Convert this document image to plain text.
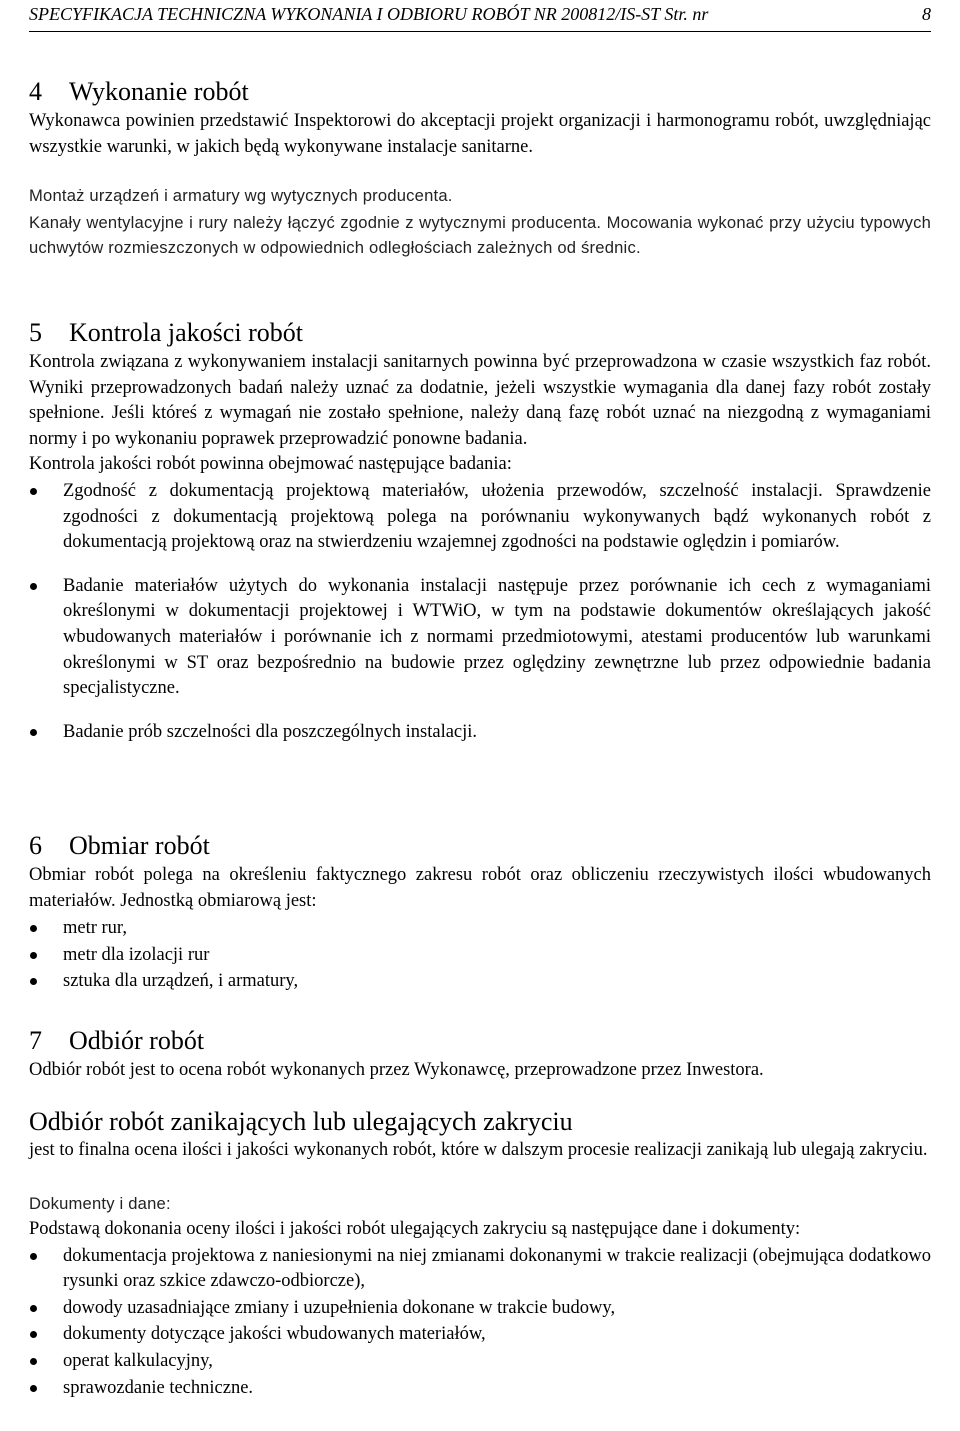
SPECYFIKACJA TECHNICZNA WYKONANIA I ODBIORU ROBÓT NR 200812/IS-ST Str. nr	8
4 Wykonanie robót

Wykonawca powinien przedstawić Inspektorowi do akceptacji projekt organizacji i harmonogramu robót, uwzględniając wszystkie warunki, w jakich będą wykonywane instalacje sanitarne.

Montaż urządzeń i armatury wg wytycznych producenta.

Kanały wentylacyjne i rury należy łączyć zgodnie z wytycznymi producenta. Mocowania wykonać przy użyciu typowych uchwytów rozmieszczonych w odpowiednich odległościach zależnych od średnic.

5 Kontrola jakości robót

Kontrola związana z wykonywaniem instalacji sanitarnych powinna być przeprowadzona w czasie wszystkich faz robót. Wyniki przeprowadzonych badań należy uznać za dodatnie, jeżeli wszystkie wymagania dla danej fazy robót zostały spełnione. Jeśli któreś z wymagań nie zostało spełnione, należy daną fazę robót uznać na niezgodną z wymaganiami normy i po wykonaniu poprawek przeprowadzić ponowne badania.

Kontrola jakości robót powinna obejmować następujące badania:

Zgodność z dokumentacją projektową materiałów, ułożenia przewodów, szczelność instalacji. Sprawdzenie zgodności z dokumentacją projektową polega na porównaniu wykonywanych bądź wykonanych robót z dokumentacją projektową oraz na stwierdzeniu wzajemnej zgodności na podstawie oględzin i pomiarów.
Badanie materiałów użytych do wykonania instalacji następuje przez porównanie ich cech z wymaganiami określonymi w dokumentacji projektowej i WTWiO, w tym na podstawie dokumentów określających jakość wbudowanych materiałów i porównanie ich z normami przedmiotowymi, atestami producentów lub warunkami określonymi w ST oraz bezpośrednio na budowie przez oględziny zewnętrzne lub przez odpowiednie badania specjalistyczne.
Badanie prób szczelności dla poszczególnych instalacji.
6 Obmiar robót

Obmiar robót polega na określeniu faktycznego zakresu robót oraz obliczeniu rzeczywistych ilości wbudowanych materiałów. Jednostką obmiarową jest:

metr rur,
metr dla izolacji rur
sztuka dla urządzeń, i armatury,
7 Odbiór robót

Odbiór robót jest to ocena robót wykonanych przez Wykonawcę, przeprowadzone przez Inwestora.

Odbiór robót zanikających lub ulegających zakryciu

jest to finalna ocena ilości i jakości wykonanych robót, które w dalszym procesie realizacji zanikają lub ulegają zakryciu.

Dokumenty i dane:

Podstawą dokonania oceny ilości i jakości robót ulegających zakryciu są następujące dane i dokumenty:

dokumentacja projektowa z naniesionymi na niej zmianami dokonanymi w trakcie realizacji (obejmująca dodatkowo rysunki oraz szkice zdawczo-odbiorcze),
dowody uzasadniające zmiany i uzupełnienia dokonane w trakcie budowy,
dokumenty dotyczące jakości wbudowanych materiałów,
operat kalkulacyjny,
sprawozdanie techniczne.
